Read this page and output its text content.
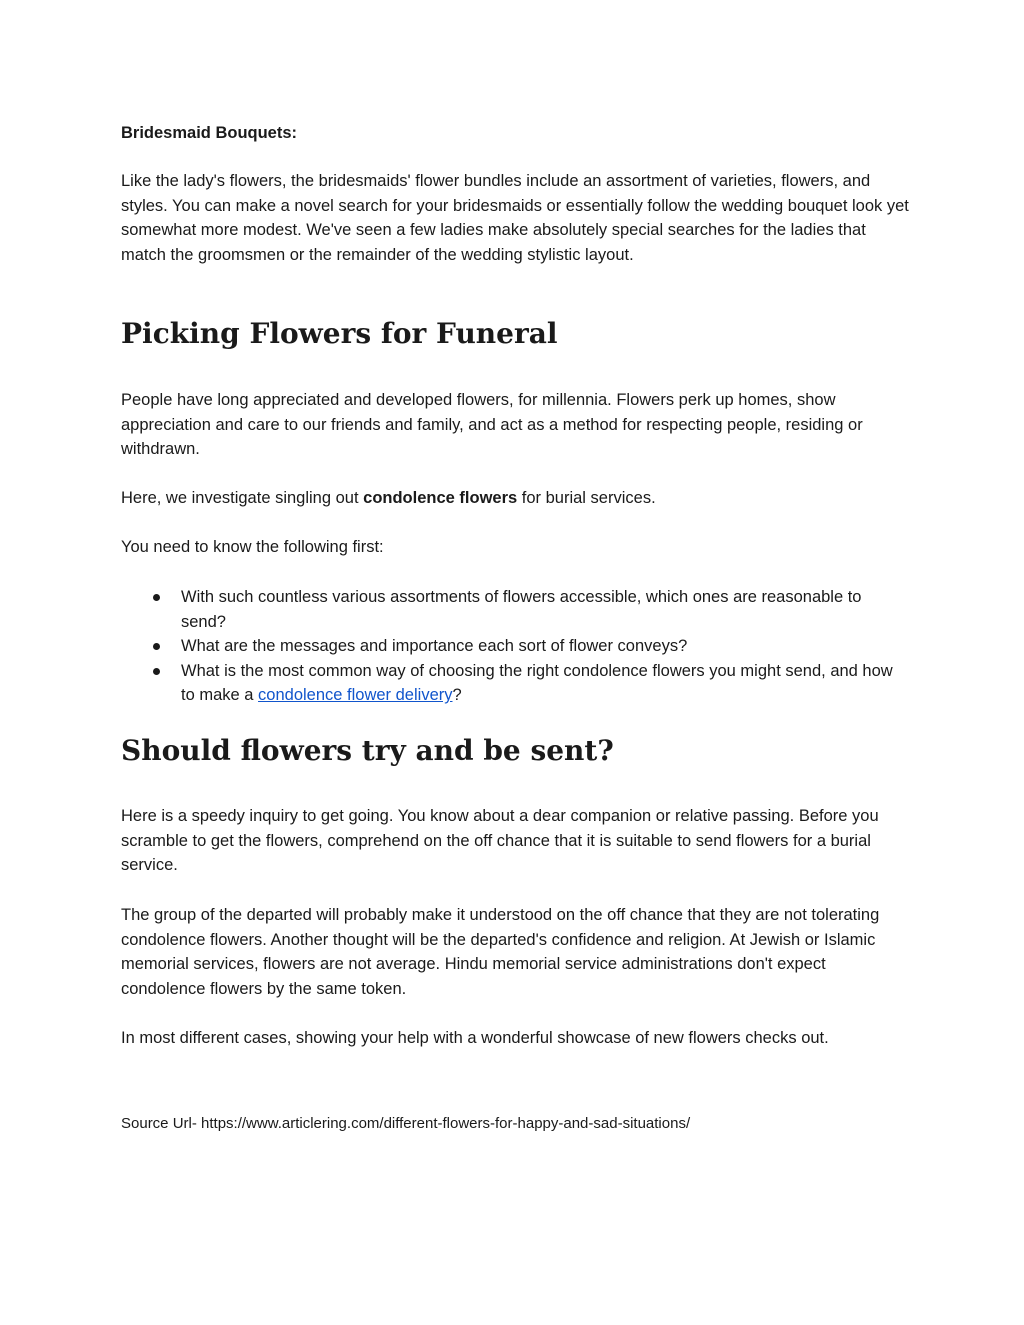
Bridesmaid Bouquets:

Like the lady's flowers, the bridesmaids' flower bundles include an assortment of varieties, flowers, and styles. You can make a novel search for your bridesmaids or essentially follow the wedding bouquet look yet somewhat more modest. We've seen a few ladies make absolutely special searches for the ladies that match the groomsmen or the remainder of the wedding stylistic layout.

Picking Flowers for Funeral

People have long appreciated and developed flowers, for millennia. Flowers perk up homes, show appreciation and care to our friends and family, and act as a method for respecting people, residing or withdrawn.

Here, we investigate singling out condolence flowers for burial services.

You need to know the following first:

With such countless various assortments of flowers accessible, which ones are reasonable to send?
What are the messages and importance each sort of flower conveys?
What is the most common way of choosing the right condolence flowers you might send, and how to make a condolence flower delivery?
Should flowers try and be sent?

Here is a speedy inquiry to get going. You know about a dear companion or relative passing. Before you scramble to get the flowers, comprehend on the off chance that it is suitable to send flowers for a burial service.

The group of the departed will probably make it understood on the off chance that they are not tolerating condolence flowers. Another thought will be the departed's confidence and religion. At Jewish or Islamic memorial services, flowers are not average. Hindu memorial service administrations don't expect condolence flowers by the same token.

In most different cases, showing your help with a wonderful showcase of new flowers checks out.

Source Url- https://www.articlering.com/different-flowers-for-happy-and-sad-situations/
